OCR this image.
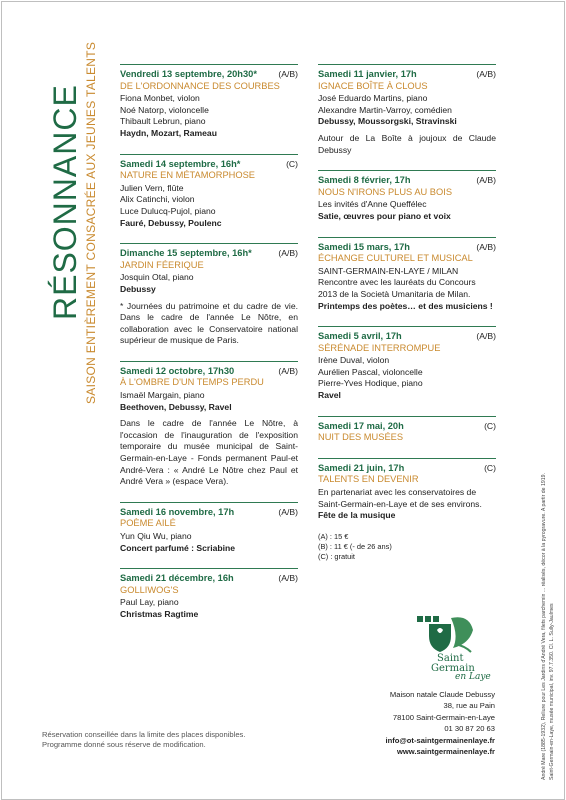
RÉSONNANCE SAISON ENTIÈREMENT CONSACRÉE AUX JEUNES TALENTS Vendredi 13 septembre, 20h30* (A/B)
DE L'ORDONNANCE DES COURBES
Fiona Monbet, violon
Noé Natorp, violoncelle
Thibault Lebrun, piano
Haydn, Mozart, Rameau
Samedi 14 septembre, 16h*	(C)
NATURE EN MÉTAMORPHOSE
Julien Vern, flûte
Alix Catinchi, violon
Luce Dulucq-Pujol, piano
Fauré, Debussy, Poulenc
Dimanche 15 septembre, 16h*	(A/B)
JARDIN FÉERIQUE
Josquin Otal, piano
Debussy
* Journées du patrimoine et du cadre de vie. Dans le cadre de l'année Le Nôtre, en collaboration avec le Conservatoire national supérieur de musique de Paris.
Samedi 12 octobre, 17h30	(A/B)
À L'OMBRE D'UN TEMPS PERDU
Ismaël Margain, piano
Beethoven, Debussy, Ravel
Dans le cadre de l'année Le Nôtre, à l'occasion de l'inauguration de l'exposition temporaire du musée municipal de Saint-Germain-en-Laye - Fonds permanent Paul-et André-Vera : « André Le Nôtre chez Paul et André Vera » (espace Vera).
Samedi 16 novembre, 17h	(A/B)
POÈME AILÉ
Yun Qiu Wu, piano
Concert parfumé : Scriabine
Samedi 21 décembre, 16h	(A/B)
GOLLIWOG'S
Paul Lay, piano
Christmas Ragtime
Samedi 11 janvier, 17h	(A/B)
IGNACE BOÎTE À CLOUS
José Eduardo Martins, piano
Alexandre Martin-Varroy, comédien
Debussy, Moussorgski, Stravinski
Autour de La Boîte à joujoux de Claude Debussy
Samedi 8 février, 17h	(A/B)
NOUS N'IRONS PLUS AU BOIS
Les invités d'Anne Queffélec
Satie, œuvres pour piano et voix
Samedi 15 mars, 17h	(A/B)
ÉCHANGE CULTUREL ET MUSICAL
SAINT-GERMAIN-EN-LAYE / MILAN
Rencontre avec les lauréats du Concours 2013 de la Società Umanitaria de Milan.
Printemps des poètes… et des musiciens !
Samedi 5 avril, 17h	(A/B)
SÉRÉNADE INTERROMPUE
Irène Duval, violon
Aurélien Pascal, violoncelle
Pierre-Yves Hodique, piano
Ravel
Samedi 17 mai, 20h	(C)
NUIT DES MUSÉES
Samedi 21 juin, 17h	(C)
TALENTS EN DEVENIR
En partenariat avec les conservatoires de Saint-Germain-en-Laye et de ses environs.
Fête de la musique
(A) : 15 €
(B) : 11 € (- de 26 ans)
(C) : gratuit
Saint
Germain
en Laye
Maison natale Claude Debussy
38, rue au Pain
78100 Saint-Germain-en-Laye
01 30 87 20 63
info@ot-saintgermainenlaye.fr
www.saintgermainenlaye.fr
Réservation conseillée dans la limite des places disponibles.
Programme donné sous réserve de modification.	André Mare (1885-1932), Reliure pour Les Jardins d'André Vera, filets parchemin ... réalisés, décor à la pyrogravure. A partir de 1919. Saint-Germain-en-Laye, musée municipal, inv. 97.7.350. Cl. L. Sully-Jaulmes
